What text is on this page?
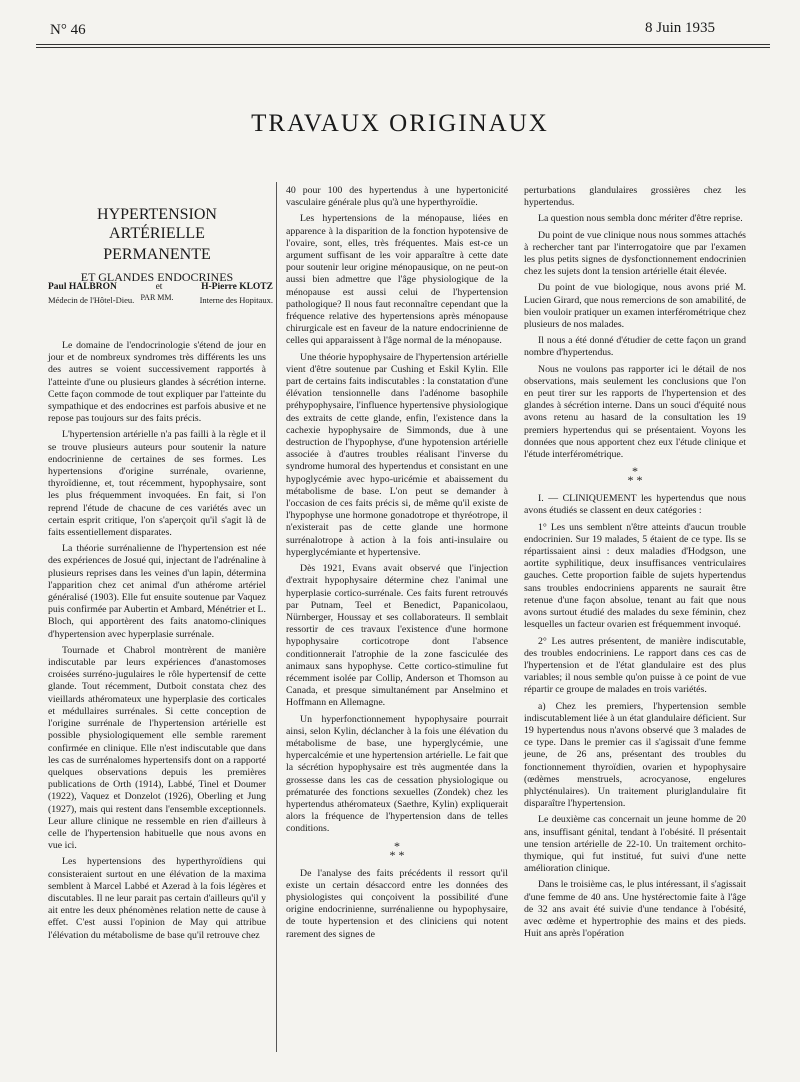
N° 46	8 Juin 1935
TRAVAUX ORIGINAUX
HYPERTENSION ARTÉRIELLE
PERMANENTE
ET GLANDES ENDOCRINES
PAR MM.
Paul HALBRON	et	H-Pierre KLOTZ
Médecin de l'Hôtel-Dieu.	Interne des Hopitaux.

Le domaine de l'endocrinologie s'étend de jour en jour et de nombreux syndromes très différents les uns des autres se voient successivement rapportés à l'atteinte d'une ou plusieurs glandes à sécrétion interne. Cette façon commode de tout expliquer par l'atteinte du sympathique et des endocrines est parfois abusive et ne repose pas toujours sur des faits précis.

L'hypertension artérielle n'a pas failli à la règle et il se trouve plusieurs auteurs pour soutenir la nature endocrinienne de certaines de ses formes. Les hypertensions d'origine surrénale, ovarienne, thyroïdienne, et, tout récemment, hypophysaire, sont les plus fréquemment invoquées. En fait, si l'on reprend l'étude de chacune de ces variétés avec un certain esprit critique, l'on s'aperçoit qu'il s'agit là de faits essentiellement disparates.

La théorie surrénalienne de l'hypertension est née des expériences de Josué qui, injectant de l'adrénaline à plusieurs reprises dans les veines d'un lapin, détermina l'apparition chez cet animal d'un athérome artériel généralisé (1903). Elle fut ensuite soutenue par Vaquez puis confirmée par Aubertin et Ambard, Ménétrier et L. Bloch, qui apportèrent des faits anatomo-cliniques d'hypertension avec hyperplasie surrénale.

Tournade et Chabrol montrèrent de manière indiscutable par leurs expériences d'anastomoses croisées surréno-jugulaires le rôle hypertensif de cette glande. Tout récemment, Dutboit constata chez des vieillards athéromateux une hyperplasie des corticales et médullaires surrénales. Si cette conception de l'origine surrénale de l'hypertension artérielle est possible physiologiquement elle semble rarement confirmée en clinique. Elle n'est indiscutable que dans les cas de surrénalomes hypertensifs dont on a rapporté quelques observations depuis les premières publications de Orth (1914), Labbé, Tinel et Doumer (1922), Vaquez et Donzelot (1926), Oberling et Jung (1927), mais qui restent dans l'ensemble exceptionnels. Leur allure clinique ne ressemble en rien d'ailleurs à celle de l'hypertension habituelle que nous avons en vue ici.

Les hypertensions des hyperthyroïdiens qui consisteraient surtout en une élévation de la maxima semblent à Marcel Labbé et Azerad à la fois légères et discutables. Il ne leur parait pas certain d'ailleurs qu'il y ait entre les deux phénomènes relation nette de cause à effet. C'est aussi l'opinion de May qui attribue l'élévation du métabolisme de base qu'il retrouve chez

40 pour 100 des hypertendus à une hypertonicité vasculaire générale plus qu'à une hyperthyroïdie.

Les hypertensions de la ménopause, liées en apparence à la disparition de la fonction hypotensive de l'ovaire, sont, elles, très fréquentes. Mais est-ce un argument suffisant de les voir apparaître à cette date pour soutenir leur origine ménopausique, on ne peut-on aussi bien admettre que l'âge physiologique de la ménopause est aussi celui de l'hypertension pathologique? Il nous faut reconnaître cependant que la fréquence relative des hypertensions après ménopause chirurgicale est en faveur de la nature endocrinienne de celles qui apparaissent à l'âge normal de la ménopause.

Une théorie hypophysaire de l'hypertension artérielle vient d'être soutenue par Cushing et Eskil Kylin. Elle part de certains faits indiscutables : la constatation d'une élévation tensionnelle dans l'adénome basophile préhypophysaire, l'influence hypertensive physiologique des extraits de cette glande, enfin, l'existence dans la cachexie hypophysaire de Simmonds, due à une destruction de l'hypophyse, d'une hypotension artérielle associée à d'autres troubles réalisant l'inverse du syndrome humoral des hypertendus et consistant en une hypoglycémie avec hypo-uricémie et abaissement du métabolisme de base. L'on peut se demander à l'occasion de ces faits précis si, de même qu'il existe de l'hypophyse une hormone gonadotrope et thyréotrope, il n'existerait pas de cette glande une hormone surrénalotrope à action à la fois anti-insulaire ou hyperglycémiante et hypertensive.

Dès 1921, Evans avait observé que l'injection d'extrait hypophysaire détermine chez l'animal une hyperplasie cortico-surrénale. Ces faits furent retrouvés par Putnam, Teel et Benedict, Papanicolaou, Nürnberger, Houssay et ses collaborateurs. Il semblait ressortir de ces travaux l'existence d'une hormone hypophysaire corticotrope dont l'absence conditionnerait l'atrophie de la zone fasciculée des animaux sans hypophyse. Cette cortico-stimuline fut récemment isolée par Collip, Anderson et Thomson au Canada, et presque simultanément par Anselmino et Hoffmann en Allemagne.

Un hyperfonctionnement hypophysaire pourrait ainsi, selon Kylin, déclancher à la fois une élévation du métabolisme de base, une hyperglycémie, une hypercalcémie et une hypertension artérielle. Le fait que la sécrétion hypophysaire est très augmentée dans la grossesse dans les cas de cessation physiologique ou prématurée des fonctions sexuelles (Zondek) chez les hypertendus athéromateux (Saethre, Kylin) expliquerait alors la fréquence de l'hypertension dans de telles conditions.

*
* *

De l'analyse des faits précédents il ressort qu'il existe un certain désaccord entre les données des physiologistes qui conçoivent la possibilité d'une origine endocrinienne, surrénalienne ou hypophysaire, de toute hypertension et des cliniciens qui notent rarement des signes de

perturbations glandulaires grossières chez les hypertendus.

La question nous sembla donc mériter d'être reprise.

Du point de vue clinique nous nous sommes attachés à rechercher tant par l'interrogatoire que par l'examen les plus petits signes de dysfonctionnement endocrinien chez les sujets dont la tension artérielle était élevée.

Du point de vue biologique, nous avons prié M. Lucien Girard, que nous remercions de son amabilité, de bien vouloir pratiquer un examen interférométrique chez plusieurs de nos malades.

Il nous a été donné d'étudier de cette façon un grand nombre d'hypertendus.

Nous ne voulons pas rapporter ici le détail de nos observations, mais seulement les conclusions que l'on en peut tirer sur les rapports de l'hypertension et des glandes à sécrétion interne. Dans un souci d'équité nous avons retenu au hasard de la consultation les 19 premiers hypertendus qui se présentaient. Voyons les données que nous apportent chez eux l'étude clinique et l'étude interférométrique.

*
* *

I. — CLINIQUEMENT les hypertendus que nous avons étudiés se classent en deux catégories :

1° Les uns semblent n'être atteints d'aucun trouble endocrinien. Sur 19 malades, 5 étaient de ce type. Ils se répartissaient ainsi : deux maladies d'Hodgson, une aortite syphilitique, deux insuffisances ventriculaires gauches. Cette proportion faible de sujets hypertendus sans troubles endocriniens apparents ne saurait être retenue d'une façon absolue, tenant au fait que nous avons surtout étudié des malades du sexe féminin, chez lesquelles un facteur ovarien est fréquemment invoqué.

2° Les autres présentent, de manière indiscutable, des troubles endocriniens. Le rapport dans ces cas de l'hypertension et de l'état glandulaire est des plus variables; il nous semble qu'on puisse à ce point de vue répartir ce groupe de malades en trois variétés.

a) Chez les premiers, l'hypertension semble indiscutablement liée à un état glandulaire déficient. Sur 19 hypertendus nous n'avons observé que 3 malades de ce type. Dans le premier cas il s'agissait d'une femme jeune, de 26 ans, présentant des troubles du fonctionnement thyroïdien, ovarien et hypophysaire (œdèmes menstruels, acrocyanose, engelures phlycténulaires). Un traitement pluriglandulaire fit disparaître l'hypertension.

Le deuxième cas concernait un jeune homme de 20 ans, insuffisant génital, tendant à l'obésité. Il présentait une tension artérielle de 22-10. Un traitement orchito-thymique, qui fut institué, fut suivi d'une nette amélioration clinique.

Dans le troisième cas, le plus intéressant, il s'agissait d'une femme de 40 ans. Une hystérectomie faite à l'âge de 32 ans avait été suivie d'une tendance à l'obésité, avec œdème et hypertrophie des mains et des pieds. Huit ans après l'opération
